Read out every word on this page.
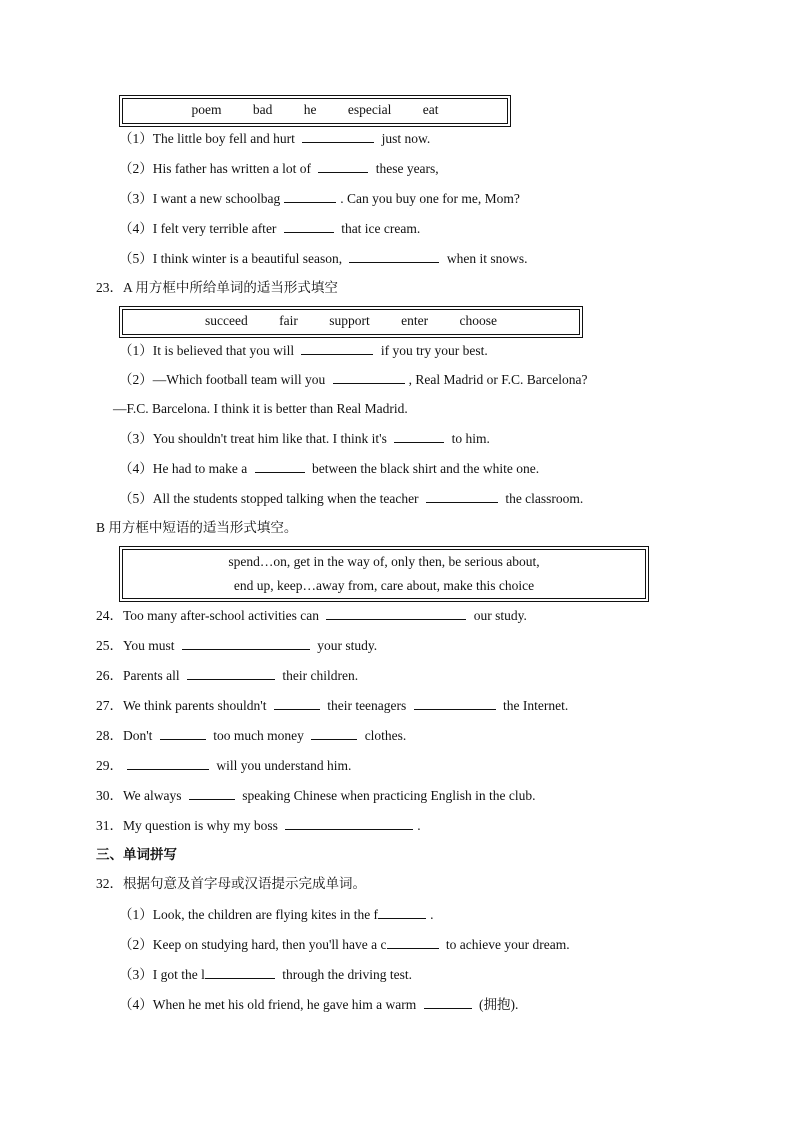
poem bad he especial eat
（1）The little boy fell and hurt	just now.
（2）His father has written a lot of	these years,
（3）I want a new schoolbag	. Can you buy one for me, Mom?
（4）I felt very terrible after	that ice cream.
（5）I think winter is a beautiful season,	when it snows.
23．A 用方框中所给单词的适当形式填空
succeed fair support enter choose
（1）It is believed that you will	if you try your best.
（2）—Which football team will you	, Real Madrid or F.C. Barcelona?
—F.C. Barcelona. I think it is better than Real Madrid.
（3）You shouldn't treat him like that. I think it's	to him.
（4）He had to make a	between the black shirt and the white one.
（5）All the students stopped talking when the teacher	the classroom.
B 用方框中短语的适当形式填空。
spend…on, get in the way of, only then, be serious about,
end up, keep…away from, care about, make this choice
24．Too many after-school activities can	our study.
25．You must	your study.
26．Parents all	their children.
27．We think parents shouldn't	their teenagers	the Internet.
28．Don't	too much money	clothes.
29．	will you understand him.
30．We always	speaking Chinese when practicing English in the club.
31．My question is why my boss	.
三、单词拼写
32．根据句意及首字母或汉语提示完成单词。
（1）Look, the children are flying kites in the f	.
（2）Keep on studying hard, then you'll have a c	to achieve your dream.
（3）I got the l	through the driving test.
（4）When he met his old friend, he gave him a warm	(拥抱).
